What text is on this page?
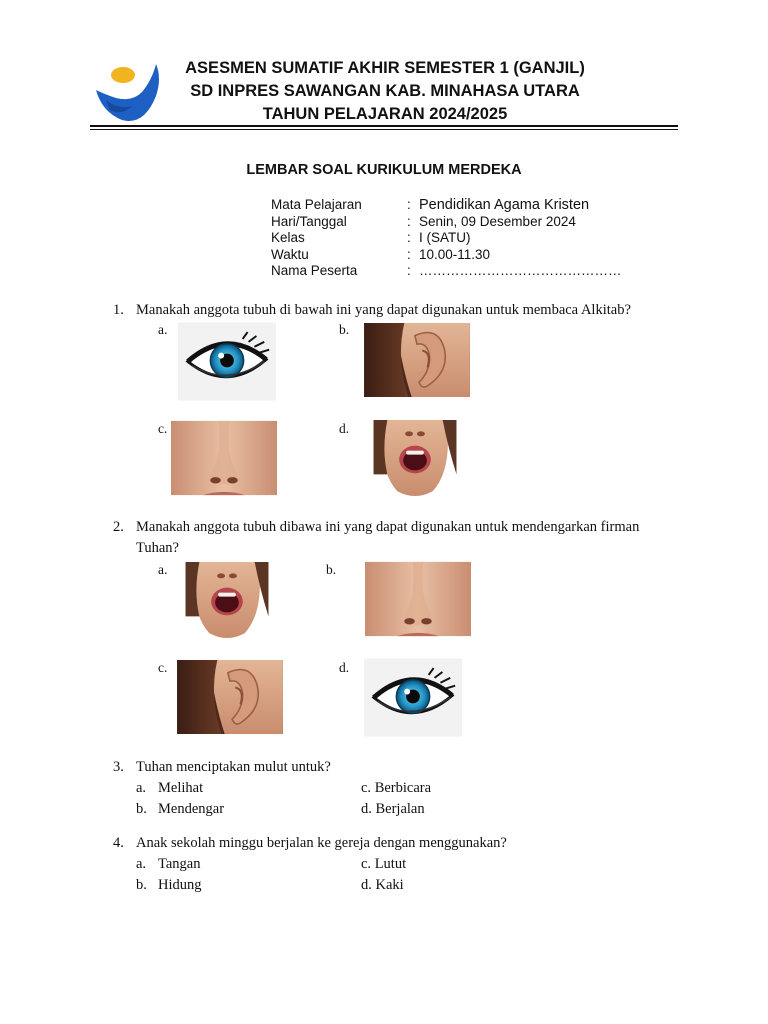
ASESMEN SUMATIF AKHIR SEMESTER 1 (GANJIL)
SD INPRES SAWANGAN KAB. MINAHASA UTARA
TAHUN PELAJARAN 2024/2025
LEMBAR SOAL KURIKULUM MERDEKA
Mata Pelajaran	: Pendidikan Agama Kristen
Hari/Tanggal	: Senin, 09 Desember 2024
Kelas	: I (SATU)
Waktu	: 10.00-11.30
Nama Peserta	: ………………………………………
1. Manakah anggota tubuh di bawah ini yang dapat digunakan untuk membaca Alkitab?
a.	b.
c.	d.
2. Manakah anggota tubuh dibawa ini yang dapat digunakan untuk mendengarkan firman Tuhan?
a.	b.
c.	d.
3. Tuhan menciptakan mulut untuk?
a. Melihat
b. Mendengar
c. Berbicara
d. Berjalan
4. Anak sekolah minggu berjalan ke gereja dengan menggunakan?
a. Tangan
b. Hidung
c. Lutut
d. Kaki
